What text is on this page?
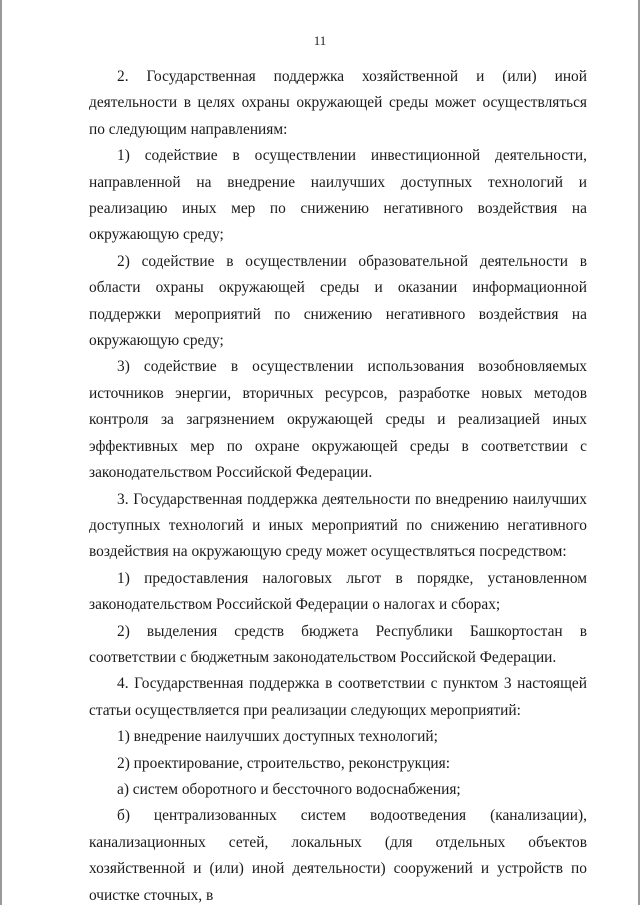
11

2. Государственная поддержка хозяйственной и (или) иной деятельности в целях охраны окружающей среды может осуществляться по следующим направлениям:

1) содействие в осуществлении инвестиционной деятельности, направленной на внедрение наилучших доступных технологий и реализацию иных мер по снижению негативного воздействия на окружающую среду;

2) содействие в осуществлении образовательной деятельности в области охраны окружающей среды и оказании информационной поддержки мероприятий по снижению негативного воздействия на окружающую среду;

3) содействие в осуществлении использования возобновляемых источников энергии, вторичных ресурсов, разработке новых методов контроля за загрязнением окружающей среды и реализацией иных эффективных мер по охране окружающей среды в соответствии с законодательством Российской Федерации.

3. Государственная поддержка деятельности по внедрению наилучших доступных технологий и иных мероприятий по снижению негативного воздействия на окружающую среду может осуществляться посредством:

1) предоставления налоговых льгот в порядке, установленном законодательством Российской Федерации о налогах и сборах;

2) выделения средств бюджета Республики Башкортостан в соответствии с бюджетным законодательством Российской Федерации.

4. Государственная поддержка в соответствии с пунктом 3 настоящей статьи осуществляется при реализации следующих мероприятий:

1) внедрение наилучших доступных технологий;

2) проектирование, строительство, реконструкция:

а) систем оборотного и бессточного водоснабжения;

б) централизованных систем водоотведения (канализации), канализационных сетей, локальных (для отдельных объектов хозяйственной и (или) иной деятельности) сооружений и устройств по очистке сточных, в
